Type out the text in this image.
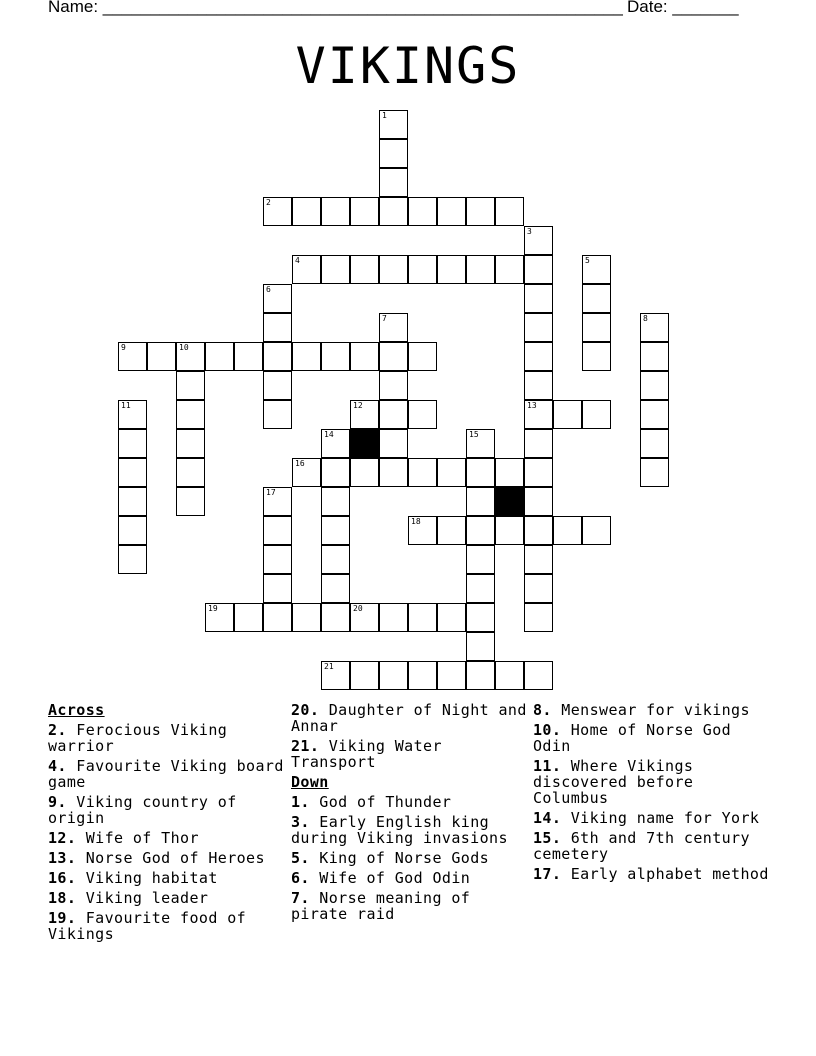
Name: _______________________________________________________ Date: _______
VIKINGS
1
2
3
4	5
6
7	8
9	10
11	12	13
14	15
16
17
18
19	20
21
Across
2. Ferocious Viking warrior
4. Favourite Viking board game
9. Viking country of origin
12. Wife of Thor
13. Norse God of Heroes
16. Viking habitat
18. Viking leader
19. Favourite food of Vikings
20. Daughter of Night and Annar
21. Viking Water Transport
Down
1. God of Thunder
3. Early English king during Viking invasions
5. King of Norse Gods
6. Wife of God Odin
7. Norse meaning of pirate raid
8. Menswear for vikings
10. Home of Norse God Odin
11. Where Vikings discovered before Columbus
14. Viking name for York
15. 6th and 7th century cemetery
17. Early alphabet method
